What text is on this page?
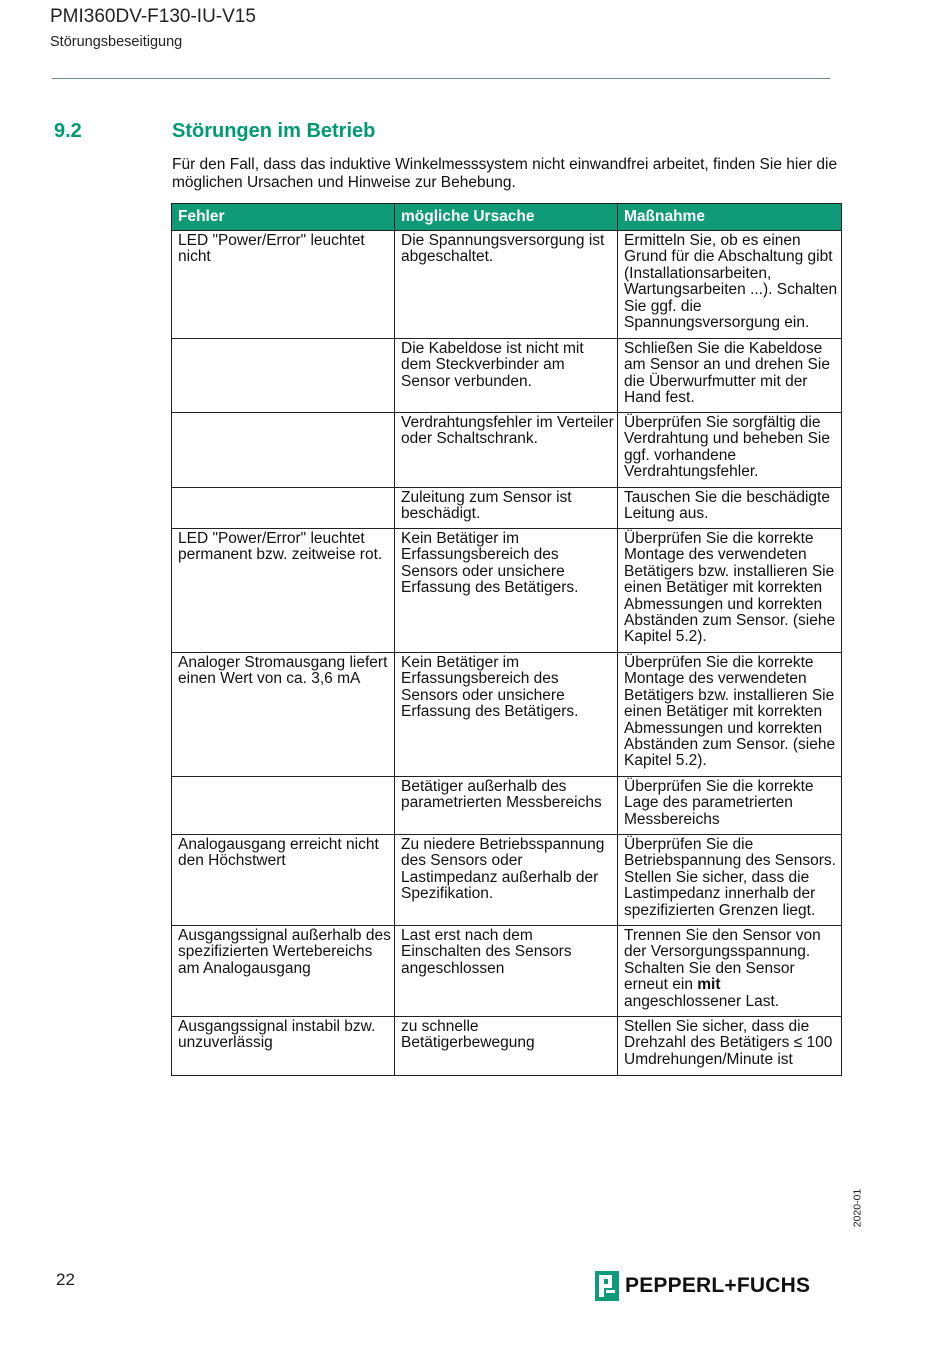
PMI360DV-F130-IU-V15
Störungsbeseitigung
9.2	Störungen im Betrieb
Für den Fall, dass das induktive Winkelmesssystem nicht einwandfrei arbeitet, finden Sie hier die möglichen Ursachen und Hinweise zur Behebung.
Fehler	mögliche Ursache	Maßnahme
LED "Power/Error" leuchtet nicht	Die Spannungsversorgung ist abgeschaltet.	Ermitteln Sie, ob es einen Grund für die Abschaltung gibt (Installationsarbeiten, Wartungsarbeiten ...). Schalten Sie ggf. die Spannungsversorgung ein.
	Die Kabeldose ist nicht mit dem Steckverbinder am Sensor verbunden.	Schließen Sie die Kabeldose am Sensor an und drehen Sie die Überwurfmutter mit der Hand fest.
	Verdrahtungsfehler im Verteiler oder Schaltschrank.	Überprüfen Sie sorgfältig die Verdrahtung und beheben Sie ggf. vorhandene Verdrahtungsfehler.
	Zuleitung zum Sensor ist beschädigt.	Tauschen Sie die beschädigte Leitung aus.
LED "Power/Error" leuchtet permanent bzw. zeitweise rot.	Kein Betätiger im Erfassungsbereich des Sensors oder unsichere Erfassung des Betätigers.	Überprüfen Sie die korrekte Montage des verwendeten Betätigers bzw. installieren Sie einen Betätiger mit korrekten Abmessungen und korrekten Abständen zum Sensor. (siehe Kapitel 5.2).
Analoger Stromausgang liefert einen Wert von ca. 3,6 mA	Kein Betätiger im Erfassungsbereich des Sensors oder unsichere Erfassung des Betätigers.	Überprüfen Sie die korrekte Montage des verwendeten Betätigers bzw. installieren Sie einen Betätiger mit korrekten Abmessungen und korrekten Abständen zum Sensor. (siehe Kapitel 5.2).
	Betätiger außerhalb des parametrierten Messbereichs	Überprüfen Sie die korrekte Lage des parametrierten Messbereichs
Analogausgang erreicht nicht den Höchstwert	Zu niedere Betriebsspannung des Sensors oder Lastimpedanz außerhalb der Spezifikation.	Überprüfen Sie die Betriebspannung des Sensors. Stellen Sie sicher, dass die Lastimpedanz innerhalb der spezifizierten Grenzen liegt.
Ausgangssignal außerhalb des spezifizierten Wertebereichs am Analogausgang	Last erst nach dem Einschalten des Sensors angeschlossen	Trennen Sie den Sensor von der Versorgungsspannung. Schalten Sie den Sensor erneut ein mit angeschlossener Last.
Ausgangssignal instabil bzw. unzuverlässig	zu schnelle Betätigerbewegung	Stellen Sie sicher, dass die Drehzahl des Betätigers ≤ 100 Umdrehungen/Minute ist
2020-01
22	PEPPERL+FUCHS
